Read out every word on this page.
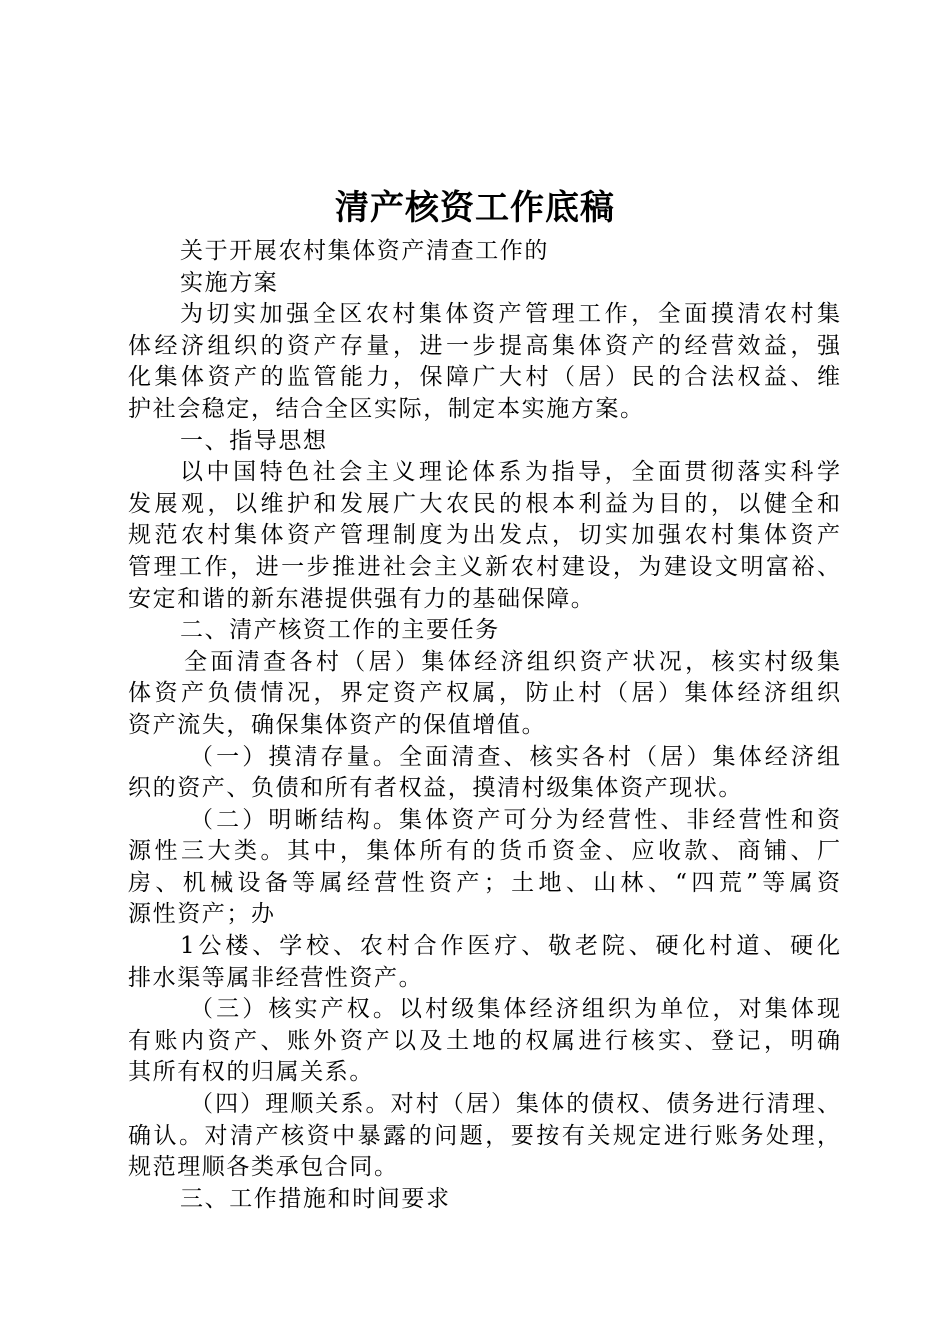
清产核资工作底稿
关于开展农村集体资产清查工作的
实施方案
为切实加强全区农村集体资产管理工作，全面摸清农村集
体经济组织的资产存量，进一步提高集体资产的经营效益，强
化集体资产的监管能力，保障广大村（居）民的合法权益、维
护社会稳定，结合全区实际，制定本实施方案。
一、指导思想
以中国特色社会主义理论体系为指导，全面贯彻落实科学
发展观，以维护和发展广大农民的根本利益为目的，以健全和
规范农村集体资产管理制度为出发点，切实加强农村集体资产
管理工作，进一步推进社会主义新农村建设，为建设文明富裕、
安定和谐的新东港提供强有力的基础保障。
二、清产核资工作的主要任务
全面清查各村（居）集体经济组织资产状况，核实村级集
体资产负债情况，界定资产权属，防止村（居）集体经济组织
资产流失，确保集体资产的保值增值。
（一）摸清存量。全面清查、核实各村（居）集体经济组
织的资产、负债和所有者权益，摸清村级集体资产现状。
（二）明晰结构。集体资产可分为经营性、非经营性和资
源性三大类。其中，集体所有的货币资金、应收款、商铺、厂
房、机械设备等属经营性资产；土地、山林、“四荒”等属资
源性资产；办
1公楼、学校、农村合作医疗、敬老院、硬化村道、硬化
排水渠等属非经营性资产。
（三）核实产权。以村级集体经济组织为单位，对集体现
有账内资产、账外资产以及土地的权属进行核实、登记，明确
其所有权的归属关系。
（四）理顺关系。对村（居）集体的债权、债务进行清理、
确认。对清产核资中暴露的问题，要按有关规定进行账务处理，
规范理顺各类承包合同。
三、工作措施和时间要求
